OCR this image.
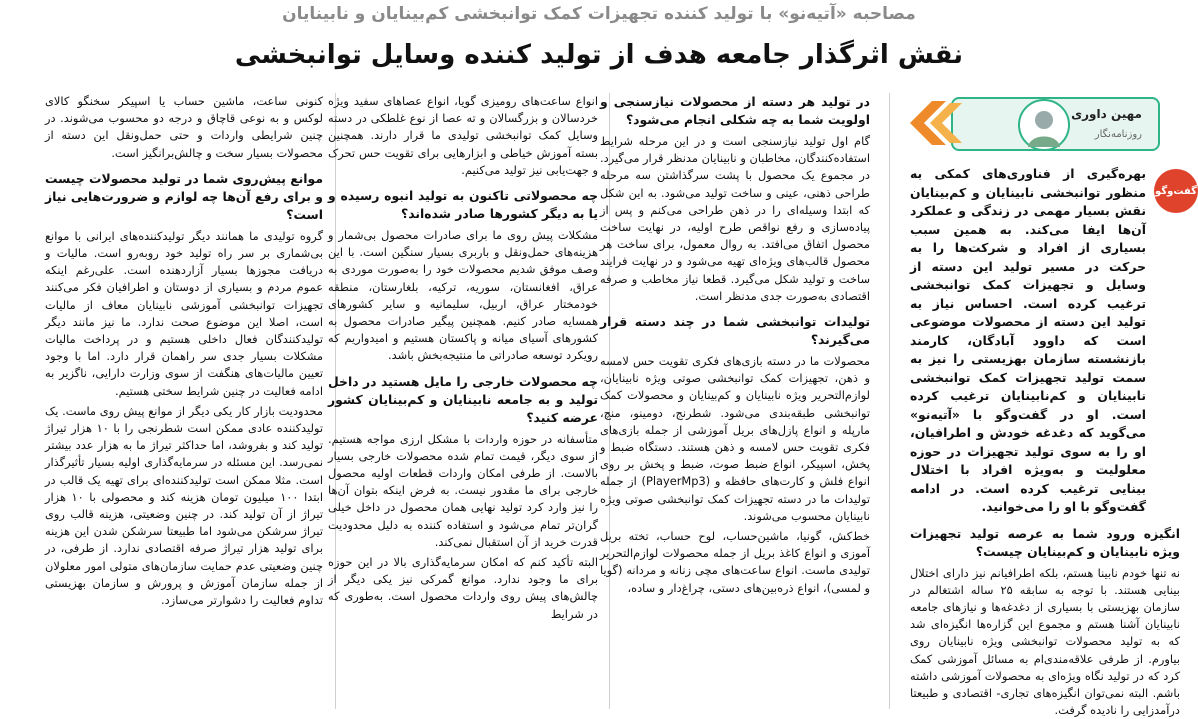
مصاحبه «آتیه‌نو» با تولید کننده تجهیزات کمک توانبخشی کم‌بینایان و نابینایان
نقش اثرگذار جامعه هدف از تولید کننده وسایل توانبخشی
مهین داوری
روزنامه‌نگار
گفت‌وگو
بهره‌گیری از فناوری‌های کمکی به منظور توانبخشی نابینایان و کم‌بینایان نقش بسیار مهمی در زندگی و عملکرد آن‌ها ایفا می‌کند. به همین سبب بسیاری از افراد و شرکت‌ها را به حرکت در مسیر تولید این دسته از وسایل و تجهیزات کمک توانبخشی ترغیب کرده است. احساس نیاز به تولید این دسته از محصولات موضوعی است که داوود آبادگان، کارمند بازنشسته سازمان بهزیستی را نیز به سمت تولید تجهیزات کمک توانبخشی نابینایان و کم‌نابینایان ترغیب کرده است. او در گفت‌وگو با «آتیه‌نو» می‌گوید که دغدغه خودش و اطرافیان، او را به سوی تولید تجهیزات در حوزه معلولیت و به‌ویژه افراد با اختلال بینایی ترغیب کرده است. در ادامه گفت‌وگو با او را می‌خوانید.
انگیزه ورود شما به عرصه تولید تجهیزات ویژه نابینایان و کم‌بینایان چیست؟

نه تنها خودم نابینا هستم، بلکه اطرافیانم نیز دارای اختلال بینایی هستند. با توجه به سابقه ۲۵ ساله اشتغالم در سازمان بهزیستی با بسیاری از دغدغه‌ها و نیازهای جامعه نابینایان آشنا هستم و مجموع این گزاره‌ها انگیزه‌ای شد که به تولید محصولات توانبخشی ویژه نابینایان روی بیاورم. از طرفی علاقه‌مندی‌ام به مسائل آموزشی کمک کرد که در تولید نگاه ویژه‌ای به محصولات آموزشی داشته باشم. البته نمی‌توان انگیزه‌های تجاری- اقتصادی و طبیعتا درآمدزایی را نادیده گرفت.

در تولید هر دسته از محصولات نیازسنجی و اولویت شما به چه شکلی انجام می‌شود؟

گام اول تولید نیازسنجی است و در این مرحله شرایط استفاده‌کنندگان، مخاطبان و نابینایان مدنظر قرار می‌گیرد. در مجموع یک محصول با پشت سرگذاشتن سه مرحله طراحی ذهنی، عینی و ساخت تولید می‌شود. به این شکل که ابتدا وسیله‌ای را در ذهن طراحی می‌کنم و پس از پیاده‌سازی و رفع نواقص طرح اولیه، در نهایت ساخت محصول اتفاق می‌افتد. به روال معمول، برای ساخت هر محصول قالب‌های ویژه‌ای تهیه می‌شود و در نهایت فرایند ساخت و تولید شکل می‌گیرد. قطعا نیاز مخاطب و صرفه اقتصادی به‌صورت جدی مدنظر است.

تولیدات توانبخشی شما در چند دسته قرار می‌گیرند؟

محصولات ما در دسته بازی‌های فکری تقویت حس لامسه و ذهن، تجهیزات کمک توانبخشی صوتی ویژه نابینایان، لوازم‌التحریر ویژه نابینایان و کم‌بینایان و محصولات کمک توانبخشی طبقه‌بندی می‌شود. شطرنج، دومینو، منچ، مارپله و انواع پازل‌های بریل آموزشی از جمله بازی‌های فکری تقویت حس لامسه و ذهن هستند. دستگاه ضبط و پخش، اسپیکر، انواع ضبط صوت، ضبط و پخش بر روی انواع فلش و کارت‌های حافظه و (PlayerMp3) از جمله تولیدات ما در دسته تجهیزات کمک توانبخشی صوتی ویژه نابینایان محسوب می‌شوند.

خط‌کش، گونیا، ماشین‌حساب، لوح حساب، تخته بریل آموزی و انواع کاغذ بریل از جمله محصولات لوازم‌التحریر تولیدی ماست. انواع ساعت‌های مچی زنانه و مردانه (گویا و لمسی)، انواع ذره‌بین‌های دستی، چراغ‌دار و ساده،

انواع ساعت‌های رومیزی گویا، انواع عصاهای سفید ویژه خردسالان و بزرگسالان و ته عصا از نوع غلطکی در دسته وسایل کمک توانبخشی تولیدی ما قرار دارند. همچنین بسته آموزش خیاطی و ابزارهایی برای تقویت حس تحرک و جهت‌یابی نیز تولید می‌کنیم.

چه محصولاتی تاکنون به تولید انبوه رسیده و یا به دیگر کشورها صادر شده‌اند؟

مشکلات پیش روی ما برای صادرات محصول بی‌شمار و هزینه‌های حمل‌ونقل و باربری بسیار سنگین است. با این وصف موفق شدیم محصولات خود را به‌صورت موردی به عراق، افغانستان، سوریه، ترکیه، بلغارستان، منطقه خودمختار عراق، اربیل، سلیمانیه و سایر کشورهای همسایه صادر کنیم. همچنین پیگیر صادرات محصول به کشورهای آسیای میانه و پاکستان هستیم و امیدواریم که رویکرد توسعه صادراتی ما منتیجه‌بخش باشد.

چه محصولات خارجی را مایل هستید در داخل تولید و به جامعه نابینایان و کم‌بینایان کشور عرضه کنید؟

متأسفانه در حوزه واردات با مشکل ارزی مواجه هستیم. از سوی دیگر، قیمت تمام شده محصولات خارجی بسیار بالاست. از طرفی امکان واردات قطعات اولیه محصول خارجی برای ما مقدور نیست. به فرض اینکه بتوان آن‌ها را نیز وارد کرد تولید نهایی همان محصول در داخل خیلی گران‌تر تمام می‌شود و استفاده کننده به دلیل محدودیت قدرت خرید از آن استقبال نمی‌کند.

البته تأکید کنم که امکان سرمایه‌گذاری بالا در این حوزه برای ما وجود ندارد. موانع گمرکی نیز یکی دیگر از چالش‌های پیش روی واردات محصول است. به‌طوری که در شرایط

کنونی ساعت، ماشین حساب یا اسپیکر سخنگو کالای لوکس و به نوعی قاچاق و درجه دو محسوب می‌شوند. در چنین شرایطی واردات و حتی حمل‌ونقل این دسته از محصولات بسیار سخت و چالش‌برانگیز است.

موانع پیش‌روی شما در تولید محصولات چیست و برای رفع آن‌ها چه لوازم و ضرورت‌هایی نیاز است؟

گروه تولیدی ما همانند دیگر تولیدکننده‌های ایرانی با موانع بی‌شماری بر سر راه تولید خود روبه‌رو است. مالیات و دریافت مجوزها بسیار آزاردهنده است. علی‌رغم اینکه عموم مردم و بسیاری از دوستان و اطرافیان فکر می‌کنند تجهیزات توانبخشی آموزشی نابینایان معاف از مالیات است، اصلا این موضوع صحت ندارد. ما نیز مانند دیگر تولیدکنندگان فعال داخلی هستیم و در پرداخت مالیات مشکلات بسیار جدی سر راهمان قرار دارد. اما با وجود تعیین مالیات‌های هنگفت از سوی وزارت دارایی، ناگزیر به ادامه فعالیت در چنین شرایط سختی هستیم.

محدودیت بازار کار یکی دیگر از موانع پیش روی ماست. یک تولیدکننده عادی ممکن است شطرنجی را با ۱۰ هزار تیراژ تولید کند و بفروشد، اما حداکثر تیراژ ما به هزار عدد بیشتر نمی‌رسد. این مسئله در سرمایه‌گذاری اولیه بسیار تأثیرگذار است. مثلا ممکن است تولیدکننده‌ای برای تهیه یک قالب در ابتدا ۱۰۰ میلیون تومان هزینه کند و محصولی با ۱۰ هزار تیراژ از آن تولید کند. در چنین وضعیتی، هزینه قالب روی تیراژ سرشکن می‌شود اما طبیعتا سرشکن شدن این هزینه برای تولید هزار تیراژ صرفه اقتصادی ندارد. از طرفی، در چنین وضعیتی عدم حمایت سازمان‌های متولی امور معلولان از جمله سازمان آموزش و پرورش و سازمان بهزیستی تداوم فعالیت را دشوارتر می‌سازد.
